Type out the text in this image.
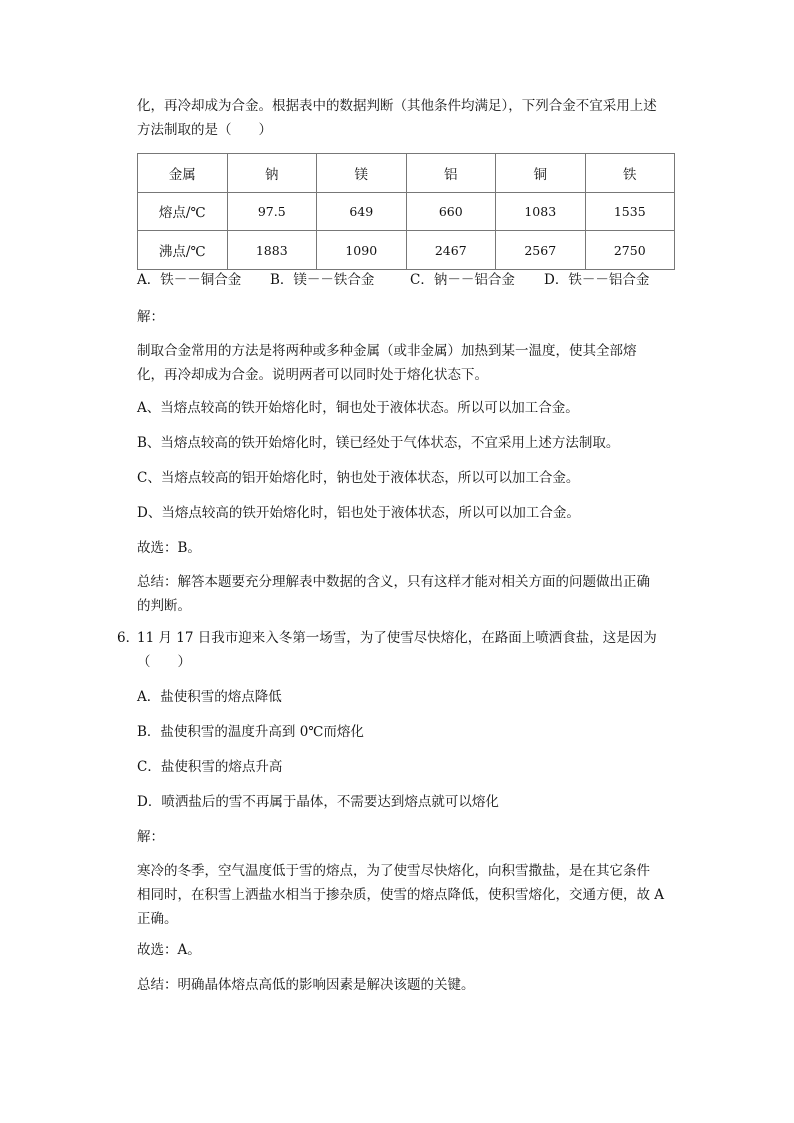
化，再冷却成为合金。根据表中的数据判断（其他条件均满足），下列合金不宜采用上述
方法制取的是（　　）

金属	钠	镁	铝	铜	铁
熔点/℃	97.5	649	660	1083	1535
沸点/℃	1883	1090	2467	2567	2750
A．铁－－铜合金 B．镁－－铁合金	C．钠－－铝合金 D．铁－－铝合金

解：

制取合金常用的方法是将两种或多种金属（或非金属）加热到某一温度，使其全部熔
化，再冷却成为合金。说明两者可以同时处于熔化状态下。

A、当熔点较高的铁开始熔化时，铜也处于液体状态。所以可以加工合金。

B、当熔点较高的铁开始熔化时，镁已经处于气体状态，不宜采用上述方法制取。

C、当熔点较高的铝开始熔化时，钠也处于液体状态，所以可以加工合金。

D、当熔点较高的铁开始熔化时，铝也处于液体状态，所以可以加工合金。

故选：B。

总结：解答本题要充分理解表中数据的含义，只有这样才能对相关方面的问题做出正确
的判断。

6．

11 月 17 日我市迎来入冬第一场雪，为了使雪尽快熔化，在路面上喷洒食盐，这是因为
（　　）

A．盐使积雪的熔点降低

B．盐使积雪的温度升高到 0℃而熔化

C．盐使积雪的熔点升高

D．喷洒盐后的雪不再属于晶体，不需要达到熔点就可以熔化

解：

寒冷的冬季，空气温度低于雪的熔点，为了使雪尽快熔化，向积雪撒盐，是在其它条件
相同时，在积雪上洒盐水相当于掺杂质，使雪的熔点降低，使积雪熔化，交通方便，故 A
正确。

故选：A。

总结：明确晶体熔点高低的影响因素是解决该题的关键。
